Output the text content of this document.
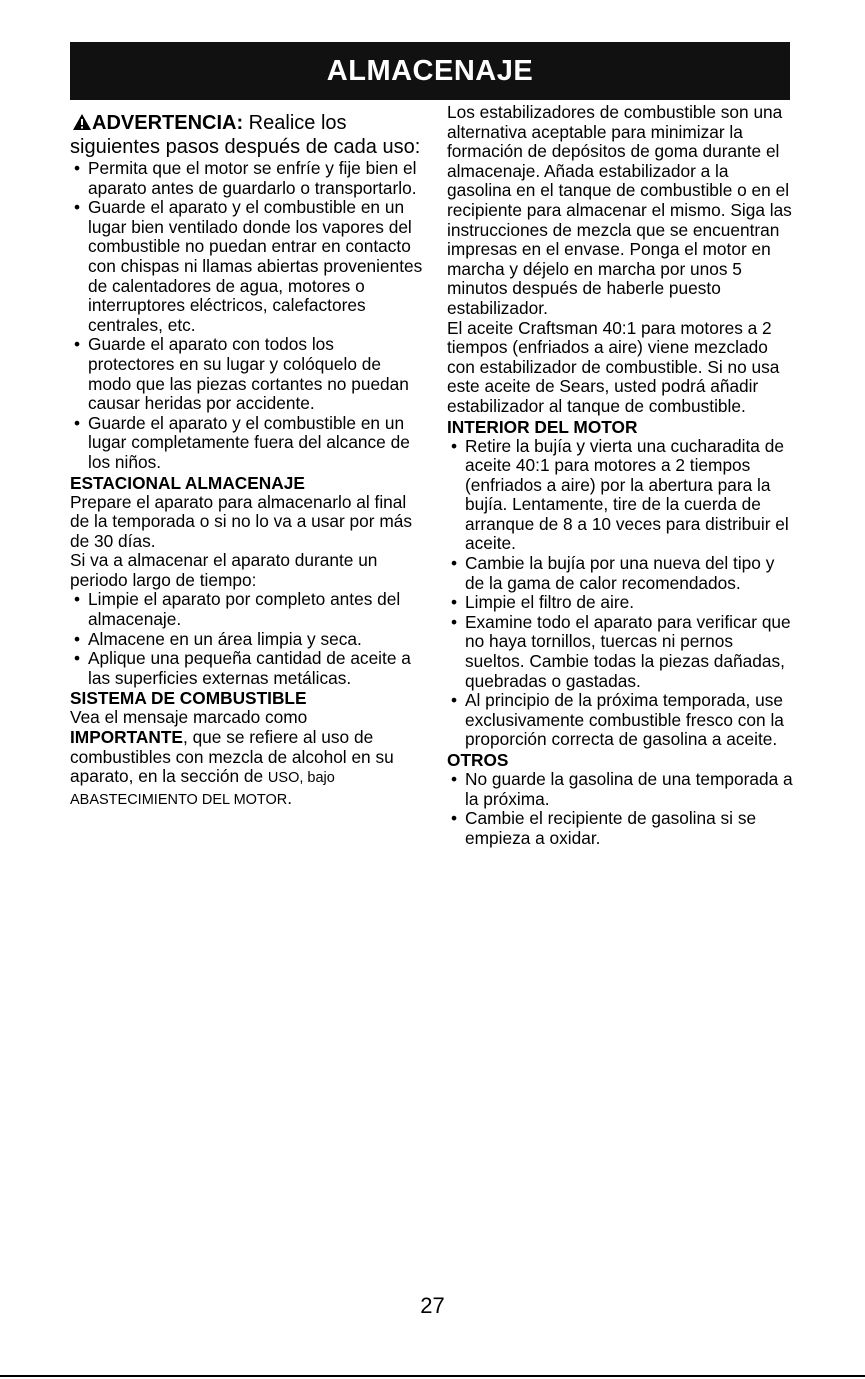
ALMACENAJE

ADVERTENCIA: Realice los siguientes pasos después de cada uso:

• Permita que el motor se enfríe y fije bien el aparato antes de guardarlo o transportarlo.
• Guarde el aparato y el combustible en un lugar bien ventilado donde los vapores del combustible no puedan entrar en contacto con chispas ni llamas abiertas provenientes de calentadores de agua, motores o interruptores eléctricos, calefactores centrales, etc.
• Guarde el aparato con todos los protectores en su lugar y colóquelo de modo que las piezas cortantes no puedan causar heridas por accidente.
• Guarde el aparato y el combustible en un lugar completamente fuera del alcance de los niños.
ESTACIONAL ALMACENAJE

Prepare el aparato para almacenarlo al final de la temporada o si no lo va a usar por más de 30 días.

Si va a almacenar el aparato durante un periodo largo de tiempo:

• Limpie el aparato por completo antes del almacenaje.
• Almacene en un área limpia y seca.
• Aplique una pequeña cantidad de aceite a las superficies externas metálicas.
SISTEMA DE COMBUSTIBLE

Vea el mensaje marcado como IMPORTANTE, que se refiere al uso de combustibles con mezcla de alcohol en su aparato, en la sección de USO, bajo ABASTECIMIENTO DEL MOTOR.

Los estabilizadores de combustible son una alternativa aceptable para minimizar la formación de depósitos de goma durante el almacenaje. Añada estabilizador a la gasolina en el tanque de combustible o en el recipiente para almacenar el mismo. Siga las instrucciones de mezcla que se encuentran impresas en el envase. Ponga el motor en marcha y déjelo en marcha por unos 5 minutos después de haberle puesto estabilizador.

El aceite Craftsman 40:1 para motores a 2 tiempos (enfriados a aire) viene mezclado con estabilizador de combustible. Si no usa este aceite de Sears, usted podrá añadir estabilizador al tanque de combustible.

INTERIOR DEL MOTOR
• Retire la bujía y vierta una cucharadita de aceite 40:1 para motores a 2 tiempos (enfriados a aire) por la abertura para la bujía. Lentamente, tire de la cuerda de arranque de 8 a 10 veces para distribuir el aceite.
• Cambie la bujía por una nueva del tipo y de la gama de calor recomendados.
• Limpie el filtro de aire.
• Examine todo el aparato para verificar que no haya tornillos, tuercas ni pernos sueltos. Cambie todas la piezas dañadas, quebradas o gastadas.
• Al principio de la próxima temporada, use exclusivamente combustible fresco con la proporción correcta de gasolina a aceite.
OTROS
• No guarde la gasolina de una temporada a la próxima.
• Cambie el recipiente de gasolina si se empieza a oxidar.
27
